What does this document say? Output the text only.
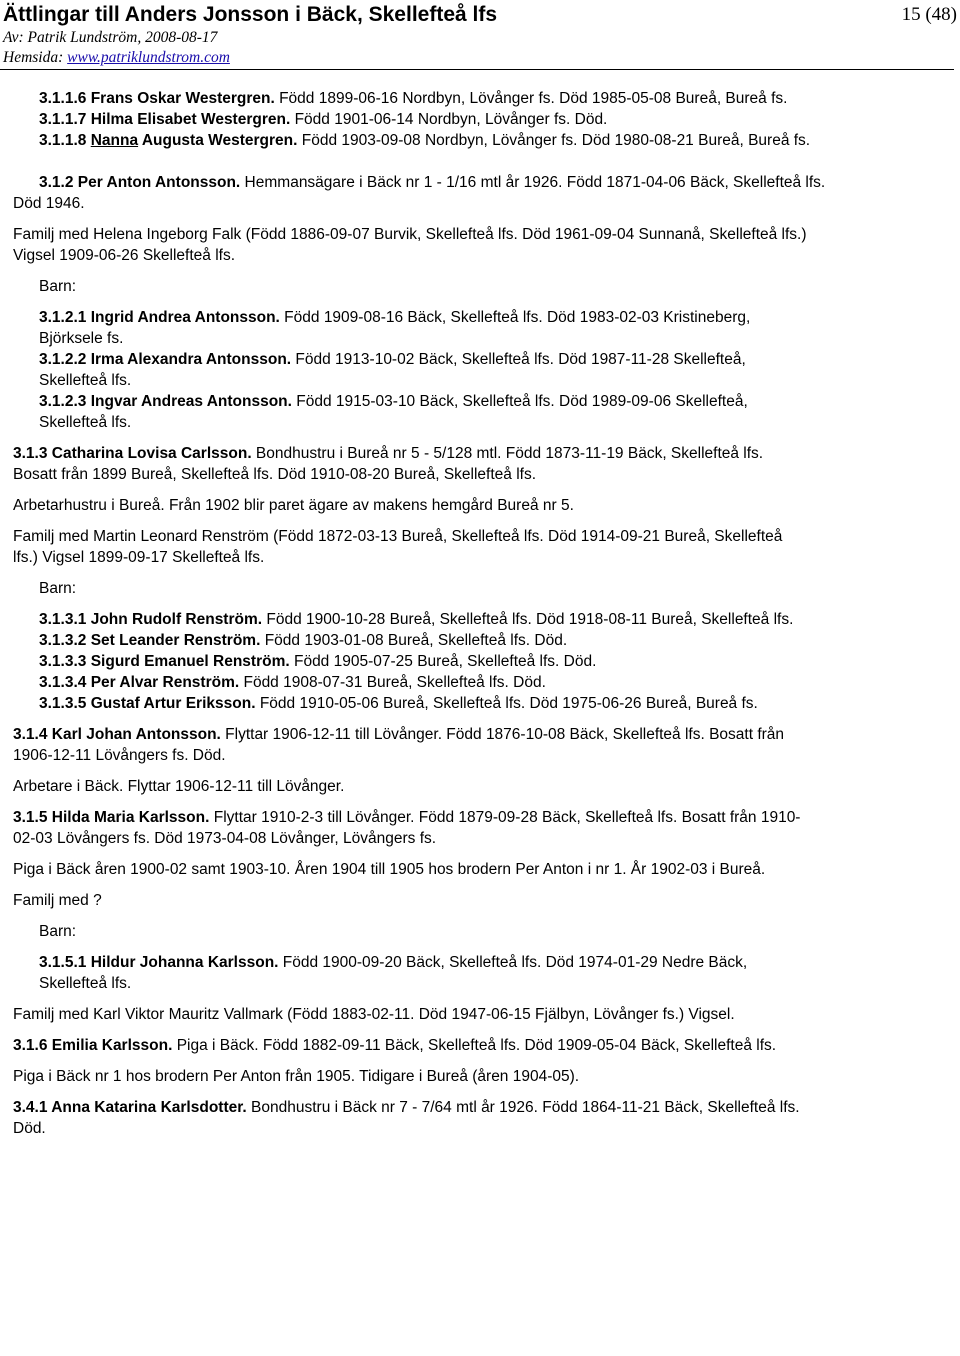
Ättlingar till Anders Jonsson i Bäck, Skellefteå lfs	15 (48)
Av: Patrik Lundström, 2008-08-17
Hemsida: www.patriklundstrom.com
3.1.1.6 Frans Oskar Westergren. Född 1899-06-16 Nordbyn, Lövånger fs. Död 1985-05-08 Bureå, Bureå fs.
3.1.1.7 Hilma Elisabet Westergren. Född 1901-06-14 Nordbyn, Lövånger fs. Död.
3.1.1.8 Nanna Augusta Westergren. Född 1903-09-08 Nordbyn, Lövånger fs. Död 1980-08-21 Bureå, Bureå fs.
3.1.2 Per Anton Antonsson. Hemmansägare i Bäck nr 1 - 1/16 mtl år 1926. Född 1871-04-06 Bäck, Skellefteå lfs.
Död 1946.
Familj med Helena Ingeborg Falk (Född 1886-09-07 Burvik, Skellefteå lfs. Död 1961-09-04 Sunnanå, Skellefteå lfs.)
Vigsel 1909-06-26 Skellefteå lfs.
Barn:
3.1.2.1 Ingrid Andrea Antonsson. Född 1909-08-16 Bäck, Skellefteå lfs. Död 1983-02-03 Kristineberg,
Björksele fs.
3.1.2.2 Irma Alexandra Antonsson. Född 1913-10-02 Bäck, Skellefteå lfs. Död 1987-11-28 Skellefteå,
Skellefteå lfs.
3.1.2.3 Ingvar Andreas Antonsson. Född 1915-03-10 Bäck, Skellefteå lfs. Död 1989-09-06 Skellefteå,
Skellefteå lfs.
3.1.3 Catharina Lovisa Carlsson. Bondhustru i Bureå nr 5 - 5/128 mtl. Född 1873-11-19 Bäck, Skellefteå lfs.
Bosatt från 1899 Bureå, Skellefteå lfs. Död 1910-08-20 Bureå, Skellefteå lfs.
Arbetarhustru i Bureå. Från 1902 blir paret ägare av makens hemgård Bureå nr 5.
Familj med Martin Leonard Renström (Född 1872-03-13 Bureå, Skellefteå lfs. Död 1914-09-21 Bureå, Skellefteå
lfs.) Vigsel 1899-09-17 Skellefteå lfs.
Barn:
3.1.3.1 John Rudolf Renström. Född 1900-10-28 Bureå, Skellefteå lfs. Död 1918-08-11 Bureå, Skellefteå lfs.
3.1.3.2 Set Leander Renström. Född 1903-01-08 Bureå, Skellefteå lfs. Död.
3.1.3.3 Sigurd Emanuel Renström. Född 1905-07-25 Bureå, Skellefteå lfs. Död.
3.1.3.4 Per Alvar Renström. Född 1908-07-31 Bureå, Skellefteå lfs. Död.
3.1.3.5 Gustaf Artur Eriksson. Född 1910-05-06 Bureå, Skellefteå lfs. Död 1975-06-26 Bureå, Bureå fs.
3.1.4 Karl Johan Antonsson. Flyttar 1906-12-11 till Lövånger. Född 1876-10-08 Bäck, Skellefteå lfs. Bosatt från
1906-12-11 Lövångers fs. Död.
Arbetare i Bäck. Flyttar 1906-12-11 till Lövånger.
3.1.5 Hilda Maria Karlsson. Flyttar 1910-2-3 till Lövånger. Född 1879-09-28 Bäck, Skellefteå lfs. Bosatt från 1910-
02-03 Lövångers fs. Död 1973-04-08 Lövånger, Lövångers fs.
Piga i Bäck åren 1900-02 samt 1903-10. Åren 1904 till 1905 hos brodern Per Anton i nr 1. År 1902-03 i Bureå.
Familj med ?
Barn:
3.1.5.1 Hildur Johanna Karlsson. Född 1900-09-20 Bäck, Skellefteå lfs. Död 1974-01-29 Nedre Bäck,
Skellefteå lfs.
Familj med Karl Viktor Mauritz Vallmark (Född 1883-02-11. Död 1947-06-15 Fjälbyn, Lövånger fs.) Vigsel.
3.1.6 Emilia Karlsson. Piga i Bäck. Född 1882-09-11 Bäck, Skellefteå lfs. Död 1909-05-04 Bäck, Skellefteå lfs.
Piga i Bäck nr 1 hos brodern Per Anton från 1905. Tidigare i Bureå (åren 1904-05).
3.4.1 Anna Katarina Karlsdotter. Bondhustru i Bäck nr 7 - 7/64 mtl år 1926. Född 1864-11-21 Bäck, Skellefteå lfs.
Död.
